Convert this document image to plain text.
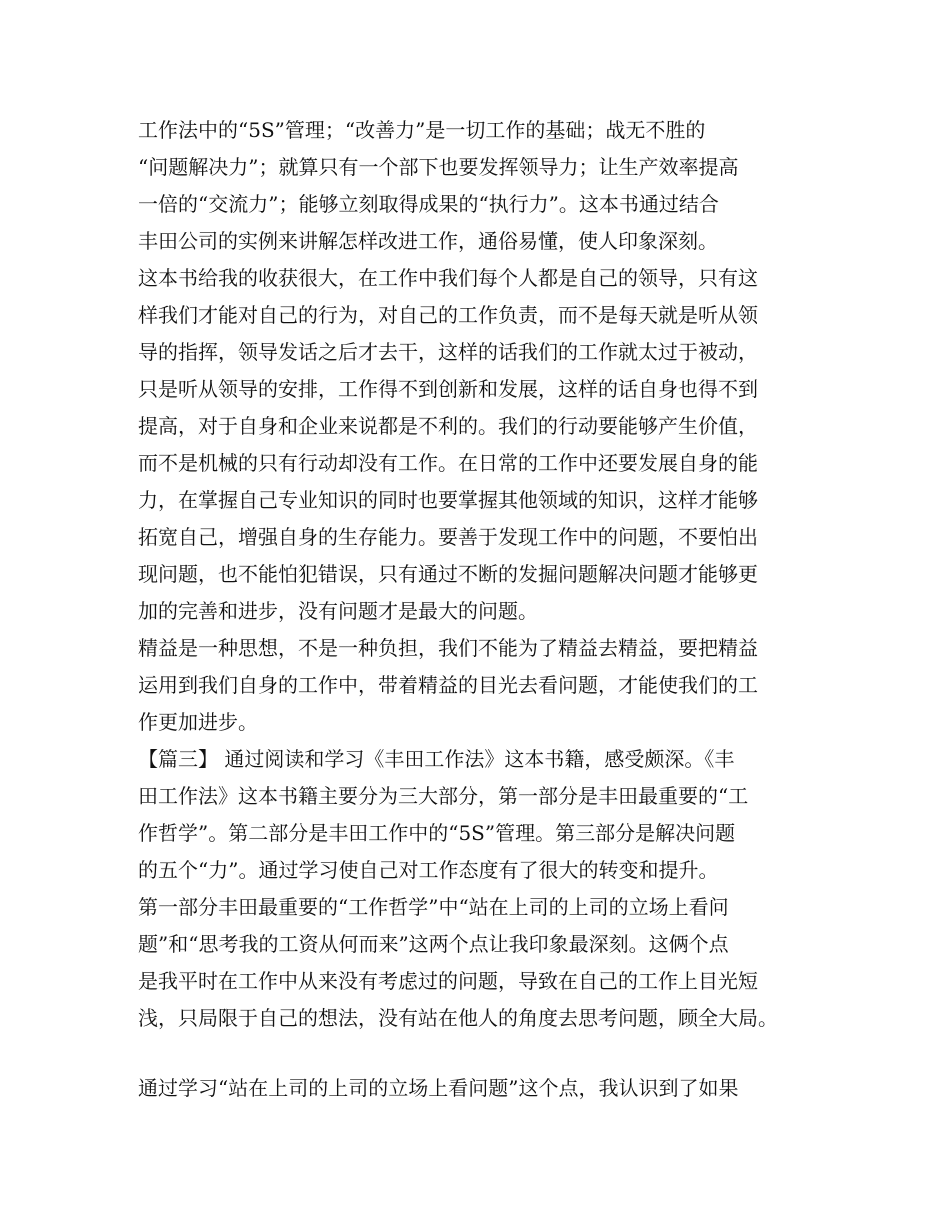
工作法中的“5S”管理；“改善力”是一切工作的基础；战无不胜的
“问题解决力”；就算只有一个部下也要发挥领导力；让生产效率提高
一倍的“交流力”；能够立刻取得成果的“执行力”。这本书通过结合
丰田公司的实例来讲解怎样改进工作，通俗易懂，使人印象深刻。
这本书给我的收获很大，在工作中我们每个人都是自己的领导，只有这
样我们才能对自己的行为，对自己的工作负责，而不是每天就是听从领
导的指挥，领导发话之后才去干，这样的话我们的工作就太过于被动，
只是听从领导的安排，工作得不到创新和发展，这样的话自身也得不到
提高，对于自身和企业来说都是不利的。我们的行动要能够产生价值，
而不是机械的只有行动却没有工作。在日常的工作中还要发展自身的能
力，在掌握自己专业知识的同时也要掌握其他领域的知识，这样才能够
拓宽自己，增强自身的生存能力。要善于发现工作中的问题，不要怕出
现问题，也不能怕犯错误，只有通过不断的发掘问题解决问题才能够更
加的完善和进步，没有问题才是最大的问题。
精益是一种思想，不是一种负担，我们不能为了精益去精益，要把精益
运用到我们自身的工作中，带着精益的目光去看问题，才能使我们的工
作更加进步。
【篇三】 通过阅读和学习《丰田工作法》这本书籍，感受颇深。《丰
田工作法》这本书籍主要分为三大部分，第一部分是丰田最重要的“工
作哲学”。第二部分是丰田工作中的“5S”管理。第三部分是解决问题
的五个“力”。通过学习使自己对工作态度有了很大的转变和提升。
第一部分丰田最重要的“工作哲学”中“站在上司的上司的立场上看问
题”和“思考我的工资从何而来”这两个点让我印象最深刻。这俩个点
是我平时在工作中从来没有考虑过的问题，导致在自己的工作上目光短
浅，只局限于自己的想法，没有站在他人的角度去思考问题，顾全大局。
通过学习“站在上司的上司的立场上看问题”这个点，我认识到了如果
